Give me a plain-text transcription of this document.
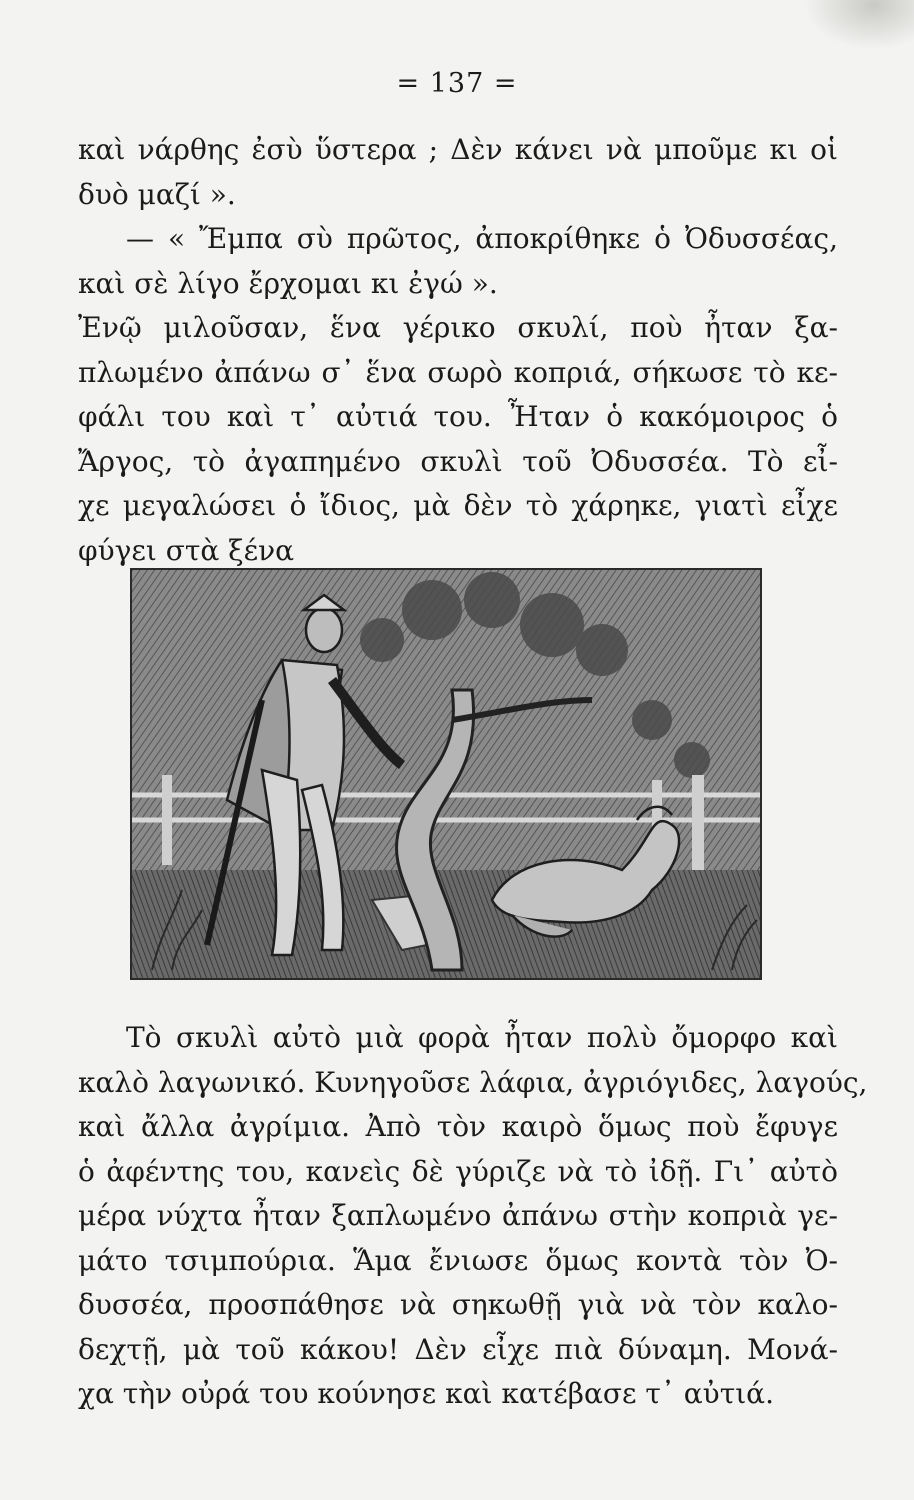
= 137 =
καὶ νάρθης ἐσὺ ὕστερα ; Δὲν κάνει νὰ μποῦμε κι οἱ
δυὸ μαζί ».
— « Ἔμπα σὺ πρῶτος, ἀποκρίθηκε ὁ Ὀδυσσέας,
καὶ σὲ λίγο ἔρχομαι κι ἐγώ ».
Ἐνῷ μιλοῦσαν, ἕνα γέρικο σκυλί, ποὺ ἦταν ξα-
πλωμένο ἀπάνω σ᾿ ἕνα σωρὸ κοπριά, σήκωσε τὸ κε-
φάλι του καὶ τ᾿ αὐτιά του. Ἦταν ὁ κακόμοιρος ὁ
Ἄργος, τὸ ἀγαπημένο σκυλὶ τοῦ Ὀδυσσέα. Τὸ εἶ-
χε μεγαλώσει ὁ ἴδιος, μὰ δὲν τὸ χάρηκε, γιατὶ εἶχε
φύγει στὰ ξένα
Τὸ σκυλὶ αὐτὸ μιὰ φορὰ ἦταν πολὺ ὄμορφο καὶ
καλὸ λαγωνικό. Κυνηγοῦσε λάφια, ἀγριόγιδες, λαγούς,
καὶ ἄλλα ἀγρίμια. Ἀπὸ τὸν καιρὸ ὅμως ποὺ ἔφυγε
ὁ ἀφέντης του, κανεὶς δὲ γύριζε νὰ τὸ ἰδῇ. Γι᾿ αὐτὸ
μέρα νύχτα ἦταν ξαπλωμένο ἀπάνω στὴν κοπριὰ γε-
μάτο τσιμπούρια. Ἅμα ἔνιωσε ὅμως κοντὰ τὸν Ὀ-
δυσσέα, προσπάθησε νὰ σηκωθῇ γιὰ νὰ τὸν καλο-
δεχτῇ, μὰ τοῦ κάκου! Δὲν εἶχε πιὰ δύναμη. Μονά-
χα τὴν οὐρά του κούνησε καὶ κατέβασε τ᾿ αὐτιά.
